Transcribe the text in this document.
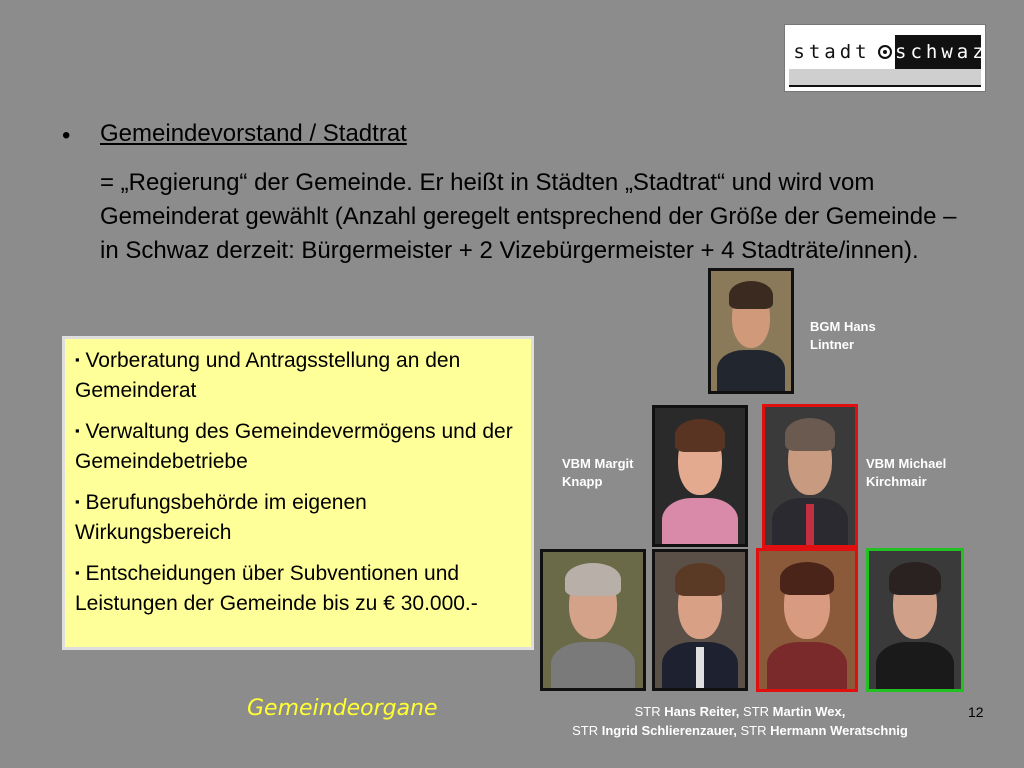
stadt schwaz
• Gemeindevorstand / Stadtrat
= „Regierung“ der Gemeinde. Er heißt in Städten „Stadtrat“ und wird vom Gemeinderat gewählt (Anzahl geregelt entsprechend der Größe der Gemeinde – in Schwaz derzeit: Bürgermeister + 2 Vizebürgermeister + 4 Stadträte/innen).
▪ Vorberatung und Antragsstellung an den Gemeinderat
▪ Verwaltung des Gemeindevermögens und der Gemeindebetriebe
▪ Berufungsbehörde im eigenen Wirkungsbereich
▪ Entscheidungen über Subventionen und Leistungen der Gemeinde bis zu € 30.000.-
BGM Hans
Lintner
VBM Margit
Knapp
VBM Michael
Kirchmair
Gemeindeorgane	STR Hans Reiter, STR Martin Wex,
STR Ingrid Schlierenzauer, STR Hermann Weratschnig
12
